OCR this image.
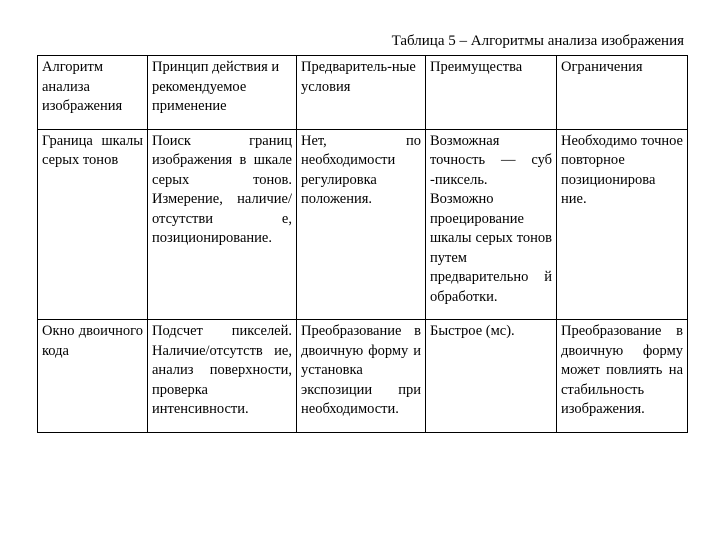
Таблица 5 – Алгоритмы анализа изображения
Алгоритм анализа изображения	Принцип действия и рекомендуемое применение	Предваритель-ные условия	Преимущества	Ограничения
Граница шкалы серых тонов	Поиск границ изображения в шкале серых тонов. Измерение, наличие/отсутстви е, позиционирование.	Нет, по необходимости регулировка положения.	Возможная точность — суб -пиксель. Возможно проецирование шкалы серых тонов путем предварительно й обработки.	Необходимо точное повторное позиционирова ние.
Окно двоичного кода	Подсчет пикселей. Наличие/отсутств ие, анализ поверхности, проверка интенсивности.	Преобразование в двоичную форму и установка экспозиции при необходимости.	Быстрое (мс).	Преобразование в двоичную форму может повлиять на стабильность изображения.
